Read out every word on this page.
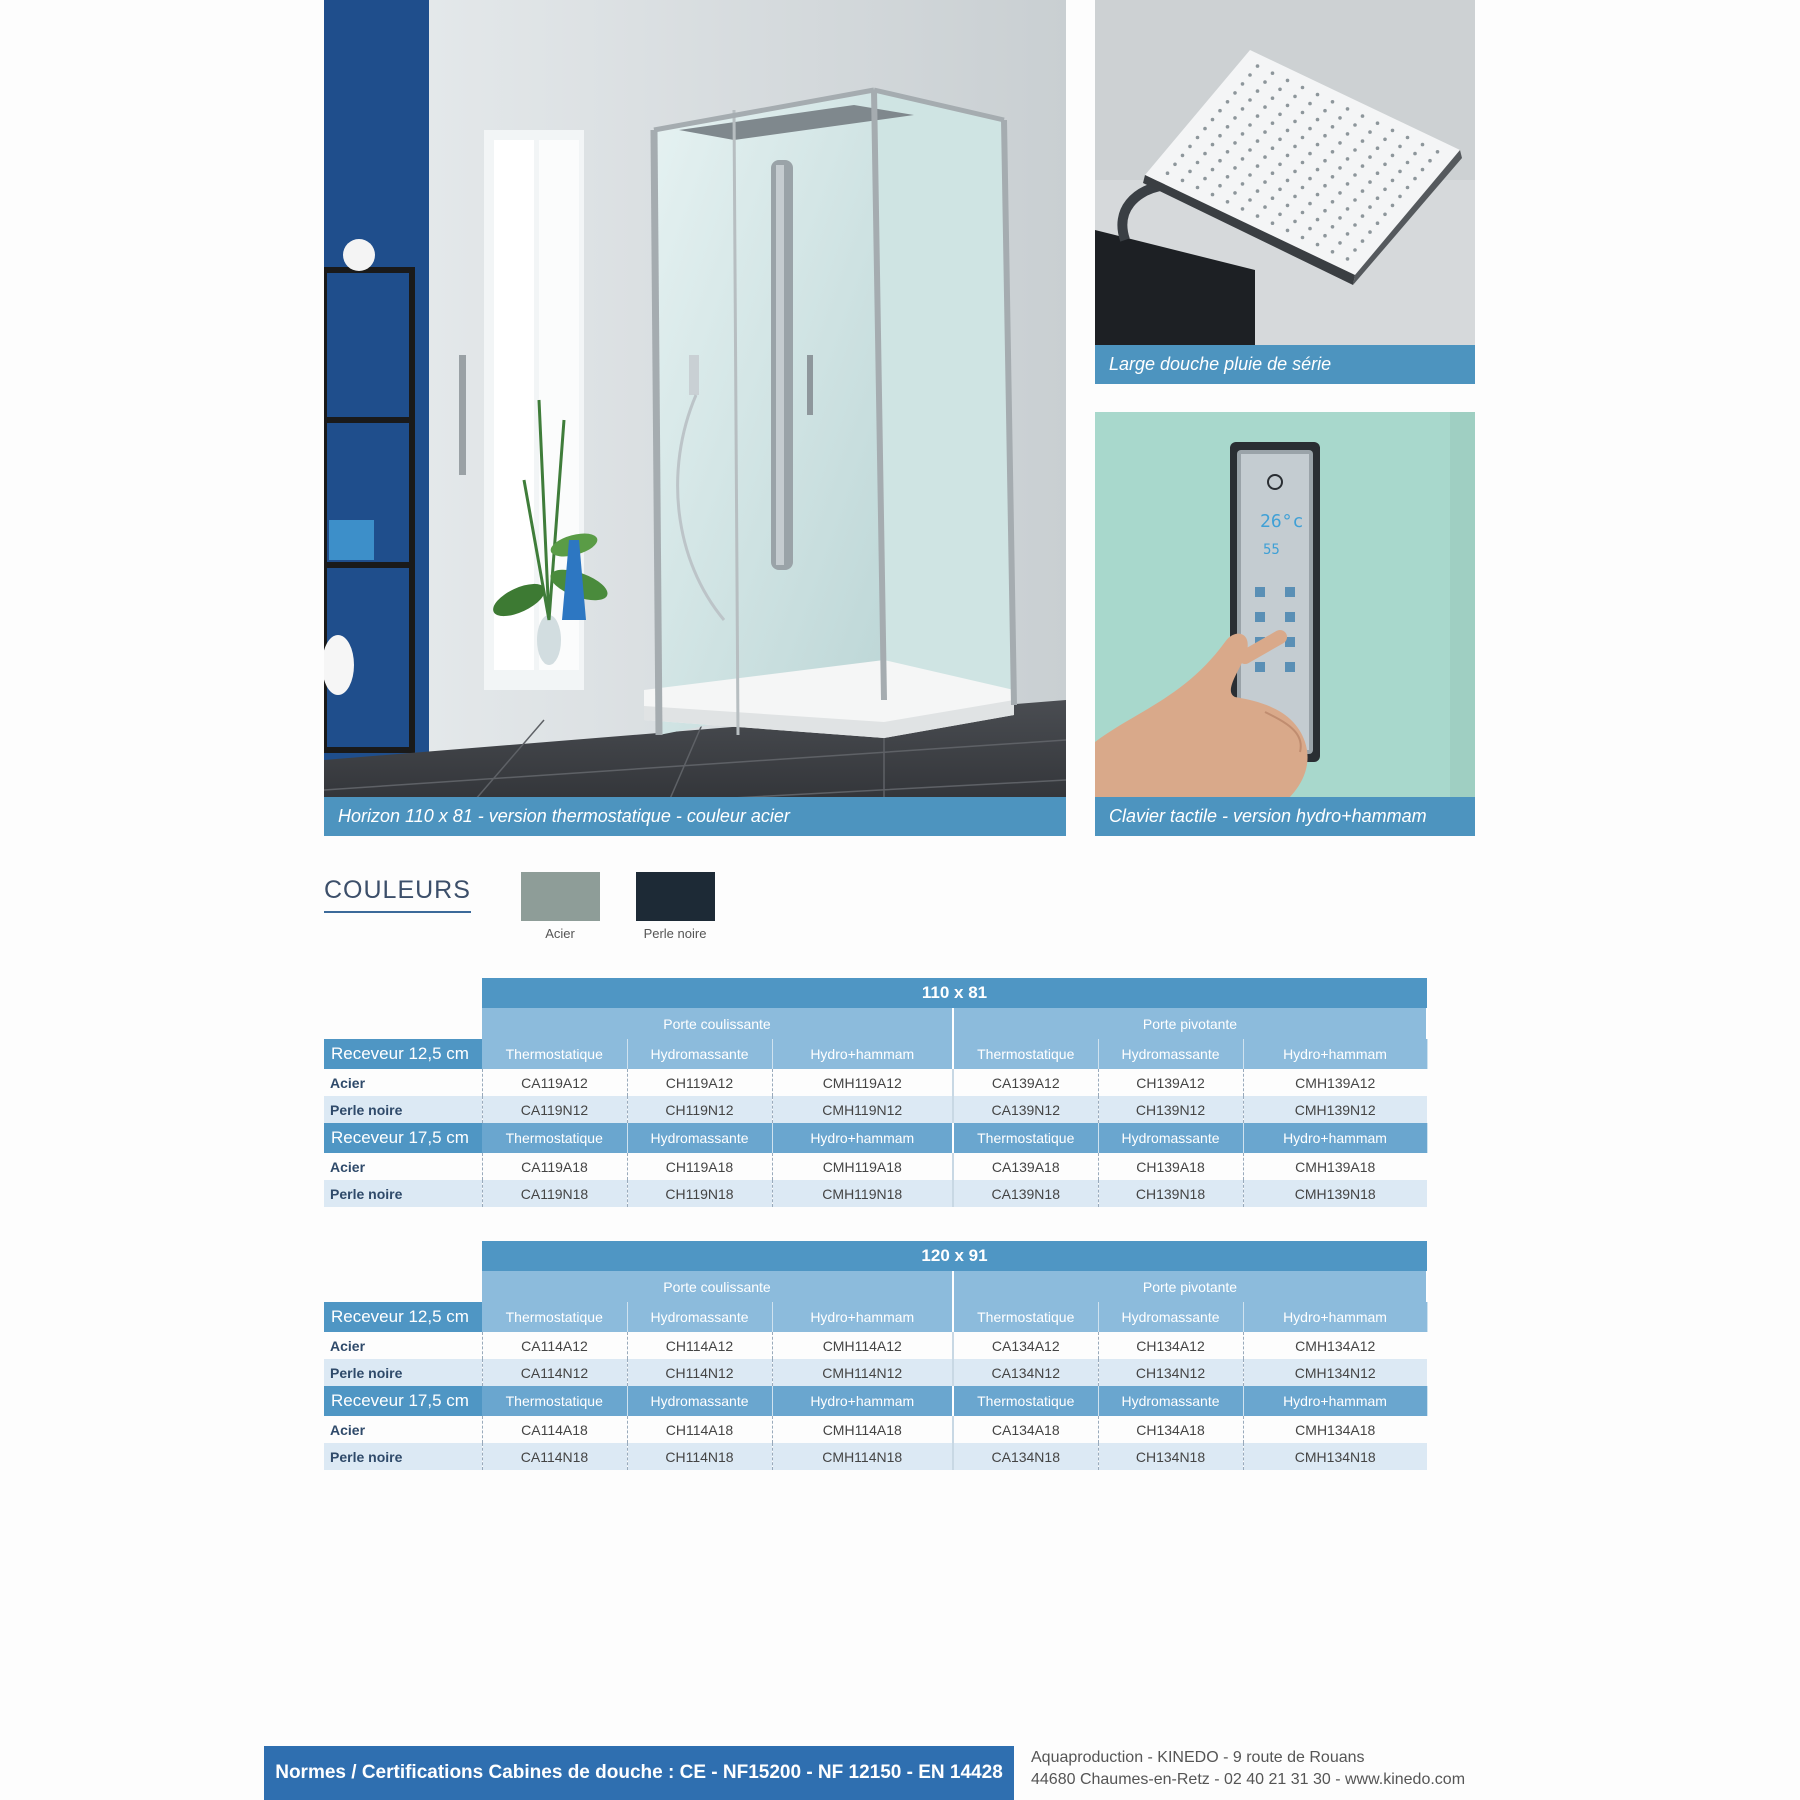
Horizon 110 x 81 - version thermostatique - couleur acier
Large douche pluie de série
26°c
55
Clavier tactile - version hydro+hammam
COULEURS
Acier	Perle noire
	110 x 81					
	Porte coulissante			Porte pivotante		
Receveur 12,5 cm	Thermostatique	Hydromassante	Hydro+hammam	Thermostatique	Hydromassante	Hydro+hammam
Acier	CA119A12	CH119A12	CMH119A12	CA139A12	CH139A12	CMH139A12
Perle noire	CA119N12	CH119N12	CMH119N12	CA139N12	CH139N12	CMH139N12
Receveur 17,5 cm	Thermostatique	Hydromassante	Hydro+hammam	Thermostatique	Hydromassante	Hydro+hammam
Acier	CA119A18	CH119A18	CMH119A18	CA139A18	CH139A18	CMH139A18
Perle noire	CA119N18	CH119N18	CMH119N18	CA139N18	CH139N18	CMH139N18
	120 x 91					
	Porte coulissante			Porte pivotante		
Receveur 12,5 cm	Thermostatique	Hydromassante	Hydro+hammam	Thermostatique	Hydromassante	Hydro+hammam
Acier	CA114A12	CH114A12	CMH114A12	CA134A12	CH134A12	CMH134A12
Perle noire	CA114N12	CH114N12	CMH114N12	CA134N12	CH134N12	CMH134N12
Receveur 17,5 cm	Thermostatique	Hydromassante	Hydro+hammam	Thermostatique	Hydromassante	Hydro+hammam
Acier	CA114A18	CH114A18	CMH114A18	CA134A18	CH134A18	CMH134A18
Perle noire	CA114N18	CH114N18	CMH114N18	CA134N18	CH134N18	CMH134N18
Normes / Certifications Cabines de douche : CE - NF15200 - NF 12150 - EN 14428
Aquaproduction - KINEDO - 9 route de Rouans
44680 Chaumes-en-Retz - 02 40 21 31 30 - www.kinedo.com
